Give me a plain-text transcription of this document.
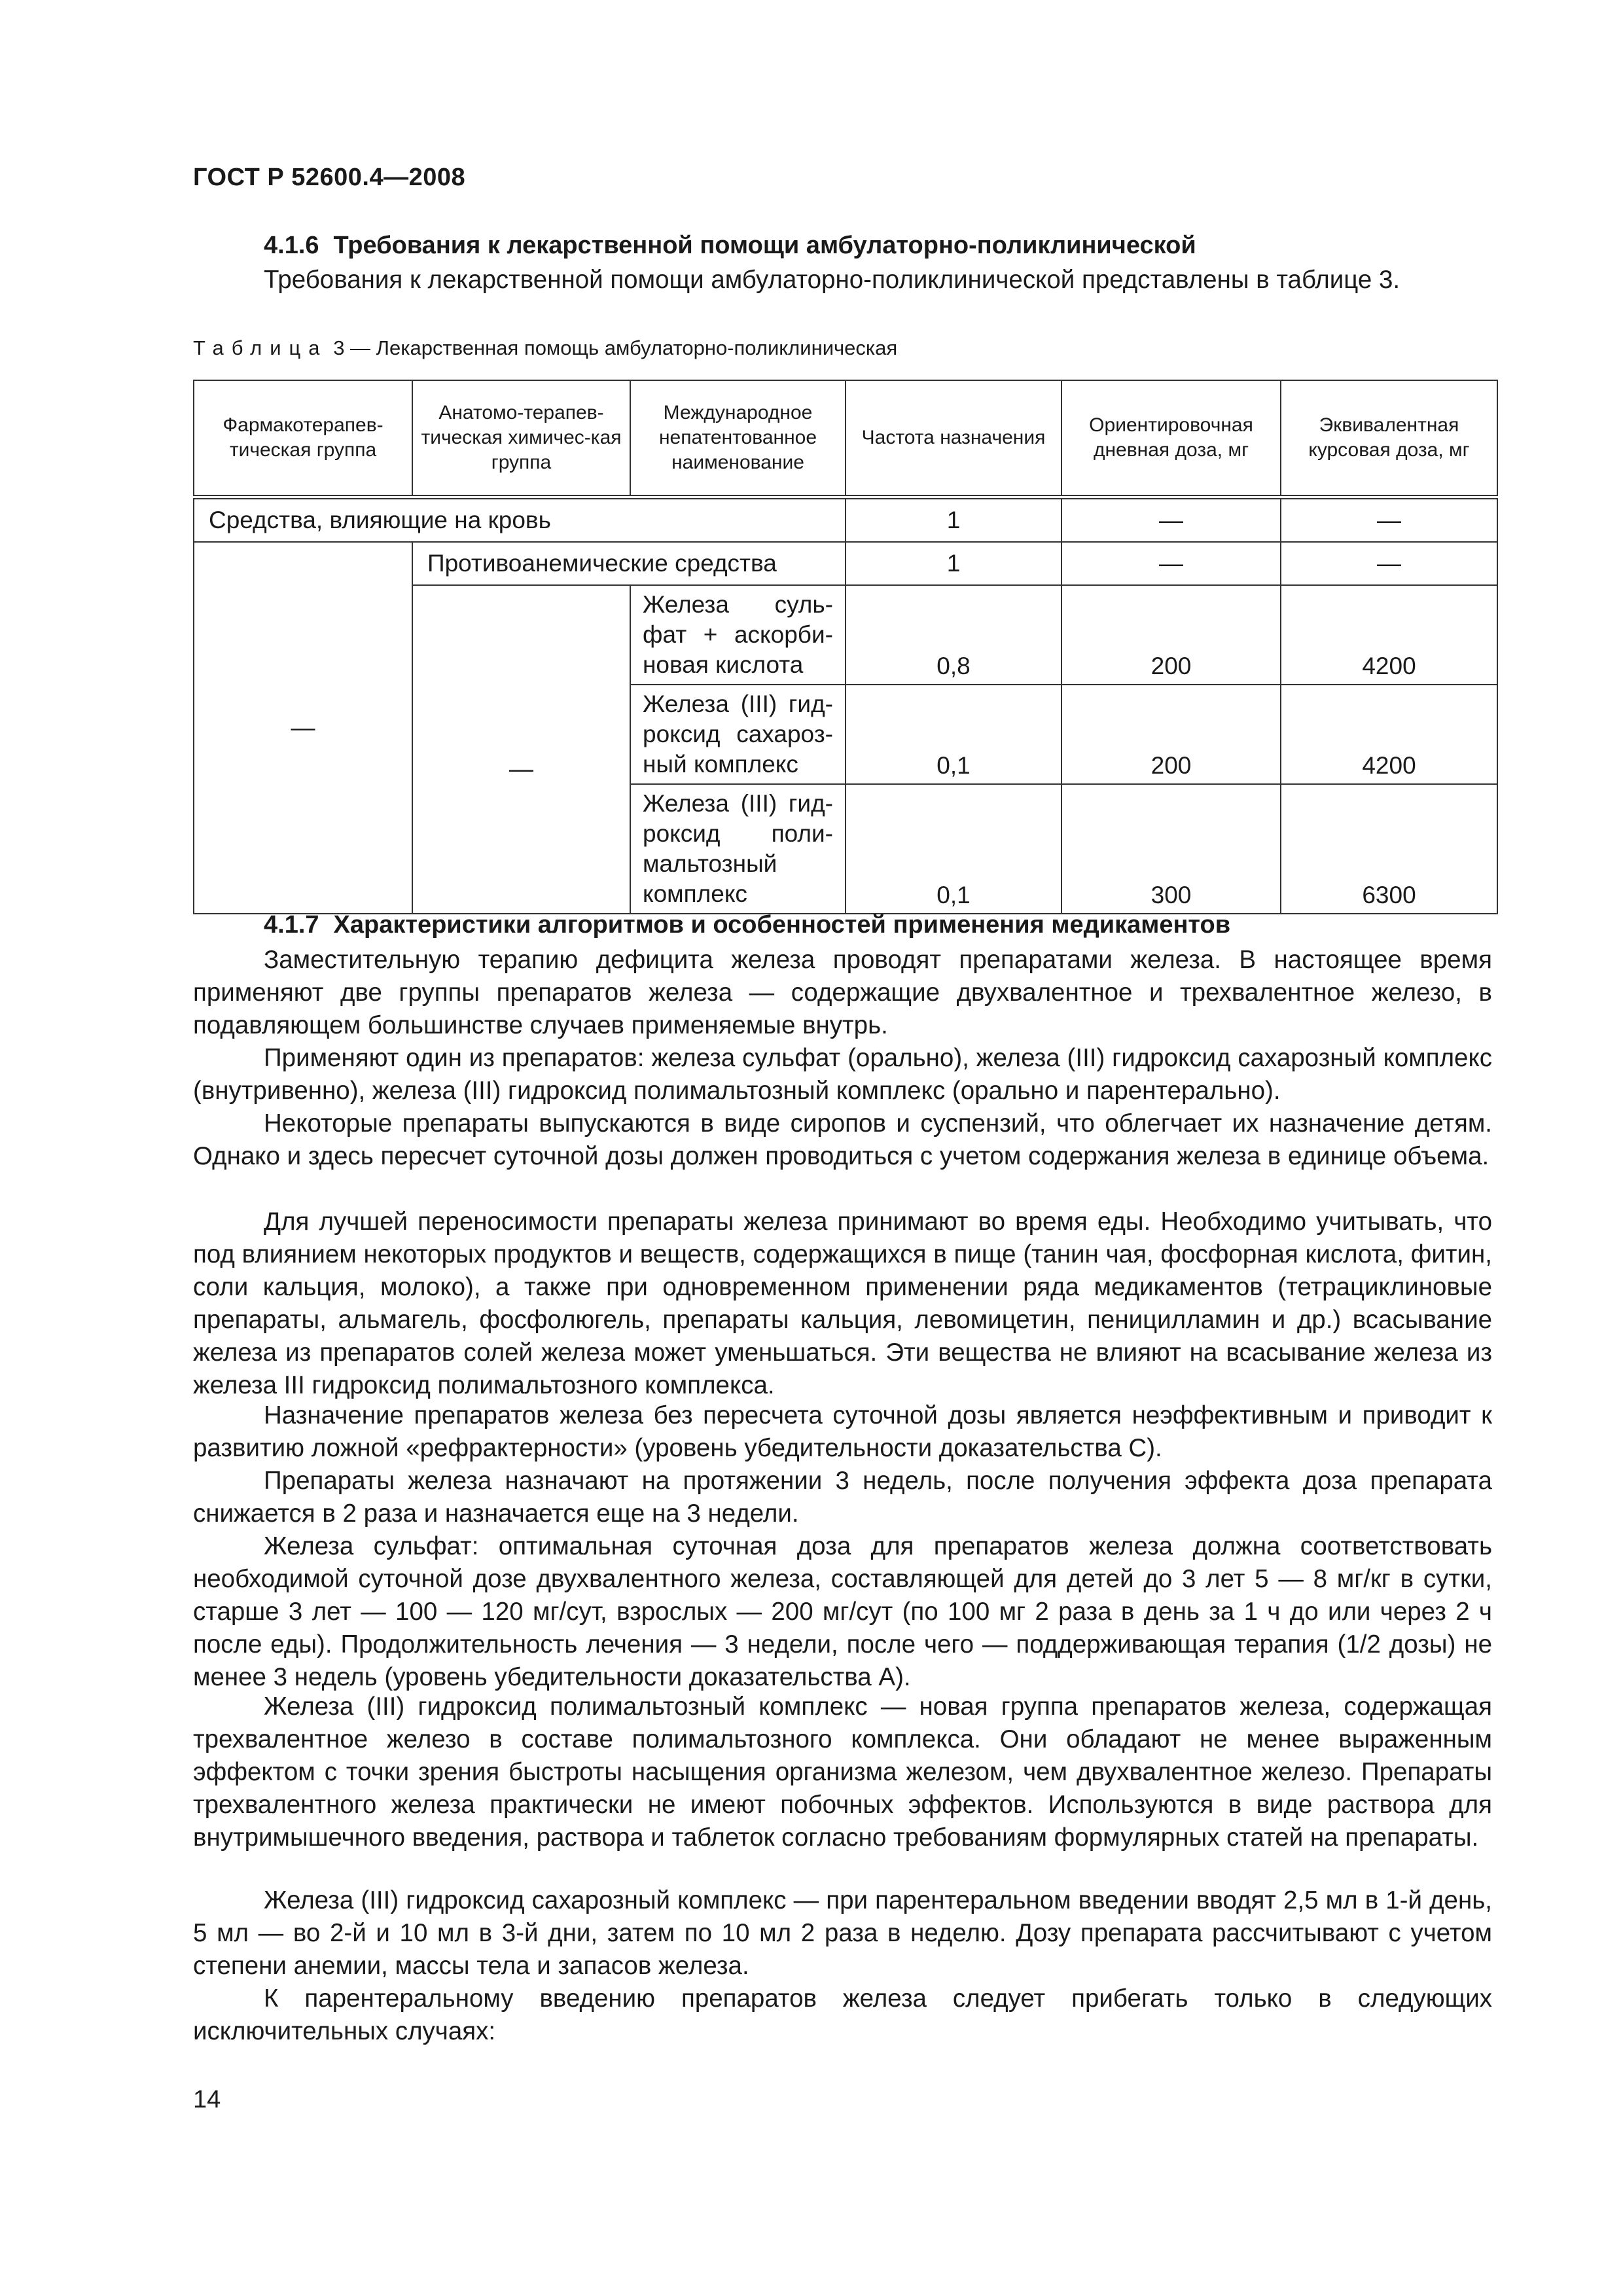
ГОСТ Р 52600.4—2008
4.1.6 Требования к лекарственной помощи амбулаторно-поликлинической

Требования к лекарственной помощи амбулаторно-поликлинической представлены в таблице 3.

Таблица 3 — Лекарственная помощь амбулаторно-поликлиническая
Фармакотерапев-тическая группа	Анатомо-терапев-тическая химичес-кая группа	Международное непатентованное наименование	Частота назначения	Ориентировочная дневная доза, мг	Эквивалентная курсовая доза, мг
Средства, влияющие на кровь			1	—	—
—	Противоанемические средства		1	—	—
	—	Железа суль-фат + аскорби-новая кислота	0,8	200	4200
		Железа (III) гид-роксид сахароз-ный комплекс	0,1	200	4200
		Железа (III) гид-роксид поли-мальтозный комплекс	0,1	300	6300
4.1.7 Характеристики алгоритмов и особенностей применения медикаментов

Заместительную терапию дефицита железа проводят препаратами железа. В настоящее время применяют две группы препаратов железа — содержащие двухвалентное и трехвалентное железо, в подавляющем большинстве случаев применяемые внутрь.

Применяют один из препаратов: железа сульфат (орально), железа (III) гидроксид сахарозный комплекс (внутривенно), железа (III) гидроксид полимальтозный комплекс (орально и парентерально).

Некоторые препараты выпускаются в виде сиропов и суспензий, что облегчает их назначение детям. Однако и здесь пересчет суточной дозы должен проводиться с учетом содержания железа в единице объема.

Для лучшей переносимости препараты железа принимают во время еды. Необходимо учитывать, что под влиянием некоторых продуктов и веществ, содержащихся в пище (танин чая, фосфорная кислота, фитин, соли кальция, молоко), а также при одновременном применении ряда медикаментов (тетрациклиновые препараты, альмагель, фосфолюгель, препараты кальция, левомицетин, пеницилламин и др.) всасывание железа из препаратов солей железа может уменьшаться. Эти вещества не влияют на всасывание железа из железа III гидроксид полимальтозного комплекса.

Назначение препаратов железа без пересчета суточной дозы является неэффективным и приводит к развитию ложной «рефрактерности» (уровень убедительности доказательства С).

Препараты железа назначают на протяжении 3 недель, после получения эффекта доза препарата снижается в 2 раза и назначается еще на 3 недели.

Железа сульфат: оптимальная суточная доза для препаратов железа должна соответствовать необходимой суточной дозе двухвалентного железа, составляющей для детей до 3 лет 5 — 8 мг/кг в сутки, старше 3 лет — 100 — 120 мг/сут, взрослых — 200 мг/сут (по 100 мг 2 раза в день за 1 ч до или через 2 ч после еды). Продолжительность лечения — 3 недели, после чего — поддерживающая терапия (1/2 дозы) не менее 3 недель (уровень убедительности доказательства А).

Железа (III) гидроксид полимальтозный комплекс — новая группа препаратов железа, содержащая трехвалентное железо в составе полимальтозного комплекса. Они обладают не менее выраженным эффектом с точки зрения быстроты насыщения организма железом, чем двухвалентное железо. Препараты трехвалентного железа практически не имеют побочных эффектов. Используются в виде раствора для внутримышечного введения, раствора и таблеток согласно требованиям формулярных статей на препараты.

Железа (III) гидроксид сахарозный комплекс — при парентеральном введении вводят 2,5 мл в 1-й день, 5 мл — во 2-й и 10 мл в 3-й дни, затем по 10 мл 2 раза в неделю. Дозу препарата рассчитывают с учетом степени анемии, массы тела и запасов железа.

К парентеральному введению препаратов железа следует прибегать только в следующих исключительных случаях:

14
